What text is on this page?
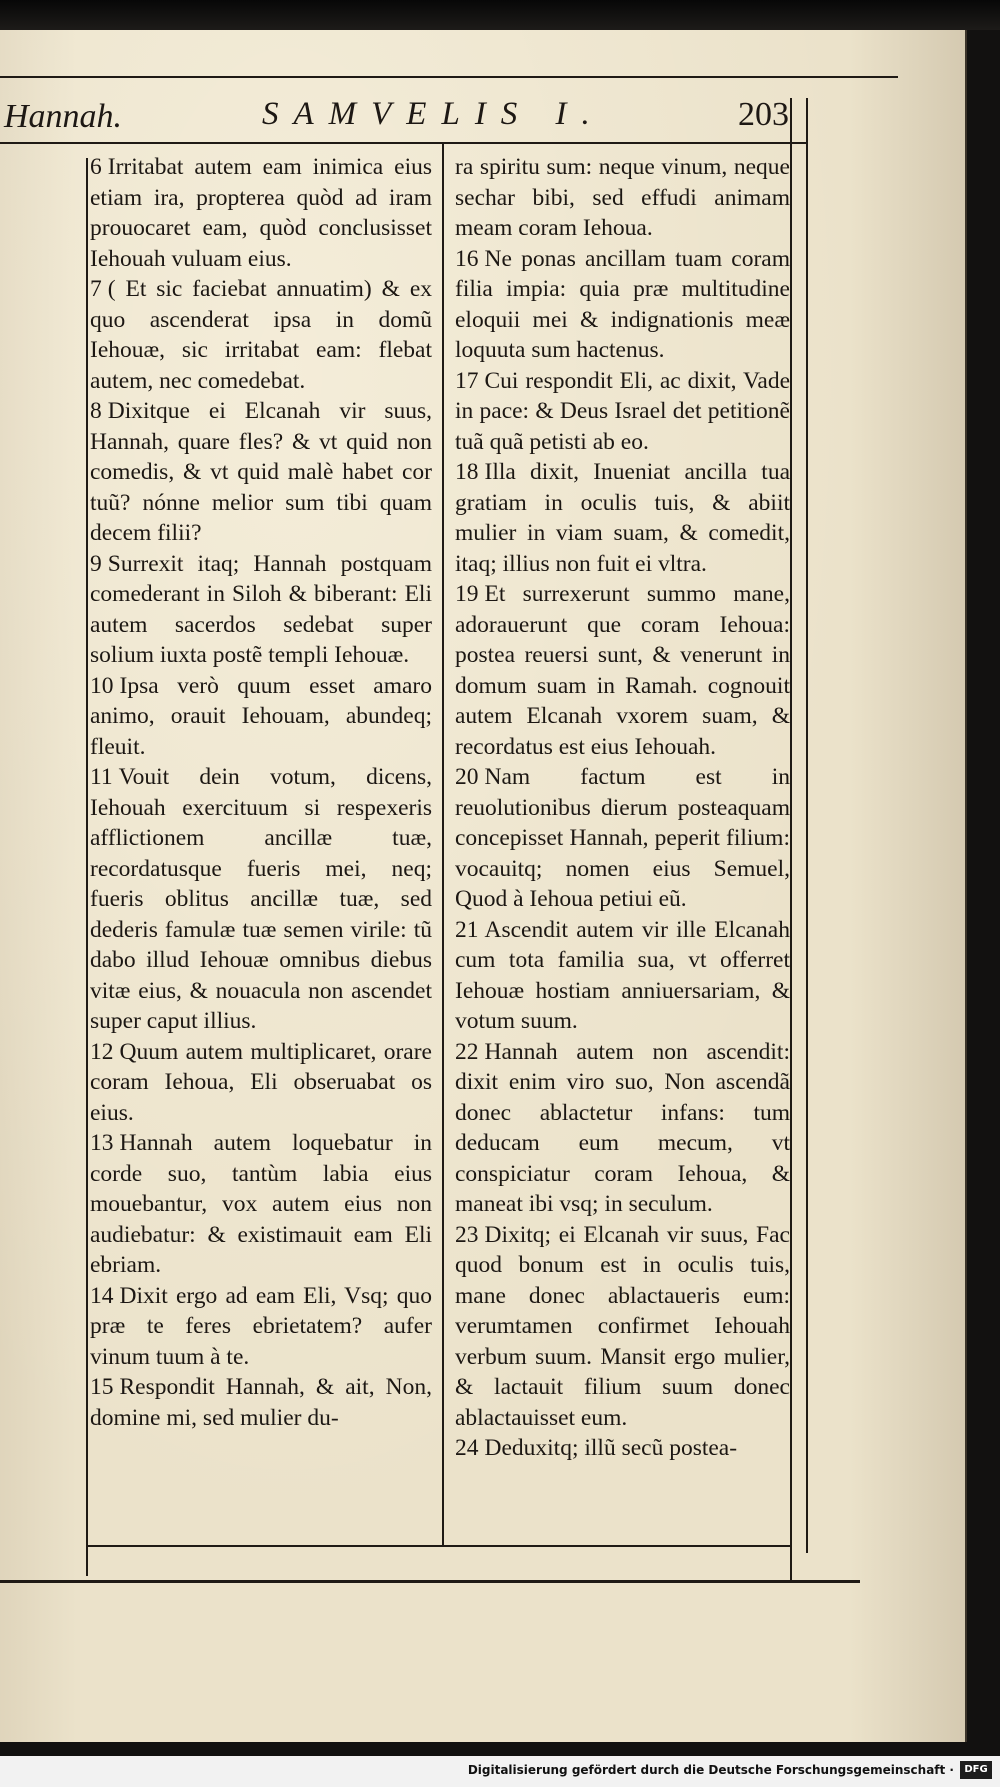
Hannah.	SAMVELIS I.	203

6 Irritabat autem eam inimica eius etiam ira, propterea quòd ad iram prouocaret eam, quòd conclusisset Iehouah vuluam eius.

7 ( Et sic faciebat annuatim) & ex quo ascenderat ipsa in domũ Iehouæ, sic irritabat eam: flebat autem, nec comedebat.

8 Dixitque ei Elcanah vir suus, Hannah, quare fles? & vt quid non comedis, & vt quid malè habet cor tuũ? nónne melior sum tibi quam decem filii?

9 Surrexit itaq; Hannah postquam comederant in Siloh & biberant: Eli autem sacerdos sedebat super solium iuxta postẽ templi Iehouæ.

10 Ipsa verò quum esset amaro animo, orauit Iehouam, abundeq; fleuit.

11 Vouit dein votum, dicens, Iehouah exercituum si respexeris afflictionem ancillæ tuæ, recordatusque fueris mei, neq; fueris oblitus ancillæ tuæ, sed dederis famulæ tuæ semen virile: tũ dabo illud Iehouæ omnibus diebus vitæ eius, & nouacula non ascendet super caput illius.

12 Quum autem multiplicaret, orare coram Iehoua, Eli obseruabat os eius.

13 Hannah autem loquebatur in corde suo, tantùm labia eius mouebantur, vox autem eius non audiebatur: & existimauit eam Eli ebriam.

14 Dixit ergo ad eam Eli, Vsq; quo præ te feres ebrietatem? aufer vinum tuum à te.

15 Respondit Hannah, & ait, Non, domine mi, sed mulier du-

ra spiritu sum: neque vinum, neque sechar bibi, sed effudi animam meam coram Iehoua.

16 Ne ponas ancillam tuam coram filia impia: quia præ multitudine eloquii mei & indignationis meæ loquuta sum hactenus.

17 Cui respondit Eli, ac dixit, Vade in pace: & Deus Israel det petitionẽ tuã quã petisti ab eo.

18 Illa dixit, Inueniat ancilla tua gratiam in oculis tuis, & abiit mulier in viam suam, & comedit, itaq; illius non fuit ei vltra.

19 Et surrexerunt summo mane, adorauerunt que coram Iehoua: postea reuersi sunt, & venerunt in domum suam in Ramah. cognouit autem Elcanah vxorem suam, & recordatus est eius Iehouah.

20 Nam factum est in reuolutionibus dierum posteaquam concepisset Hannah, peperit filium: vocauitq; nomen eius Semuel, Quod à Iehoua petiui eũ.

21 Ascendit autem vir ille Elcanah cum tota familia sua, vt offerret Iehouæ hostiam anniuersariam, & votum suum.

22 Hannah autem non ascendit: dixit enim viro suo, Non ascendã donec ablactetur infans: tum deducam eum mecum, vt conspiciatur coram Iehoua, & maneat ibi vsq; in seculum.

23 Dixitq; ei Elcanah vir suus, Fac quod bonum est in oculis tuis, mane donec ablactaueris eum: verumtamen confirmet Iehouah verbum suum. Mansit ergo mulier, & lactauit filium suum donec ablactauisset eum.

24 Deduxitq; illũ secũ postea-

Digitalisierung gefördert durch die Deutsche Forschungsgemeinschaft ·	DFG
